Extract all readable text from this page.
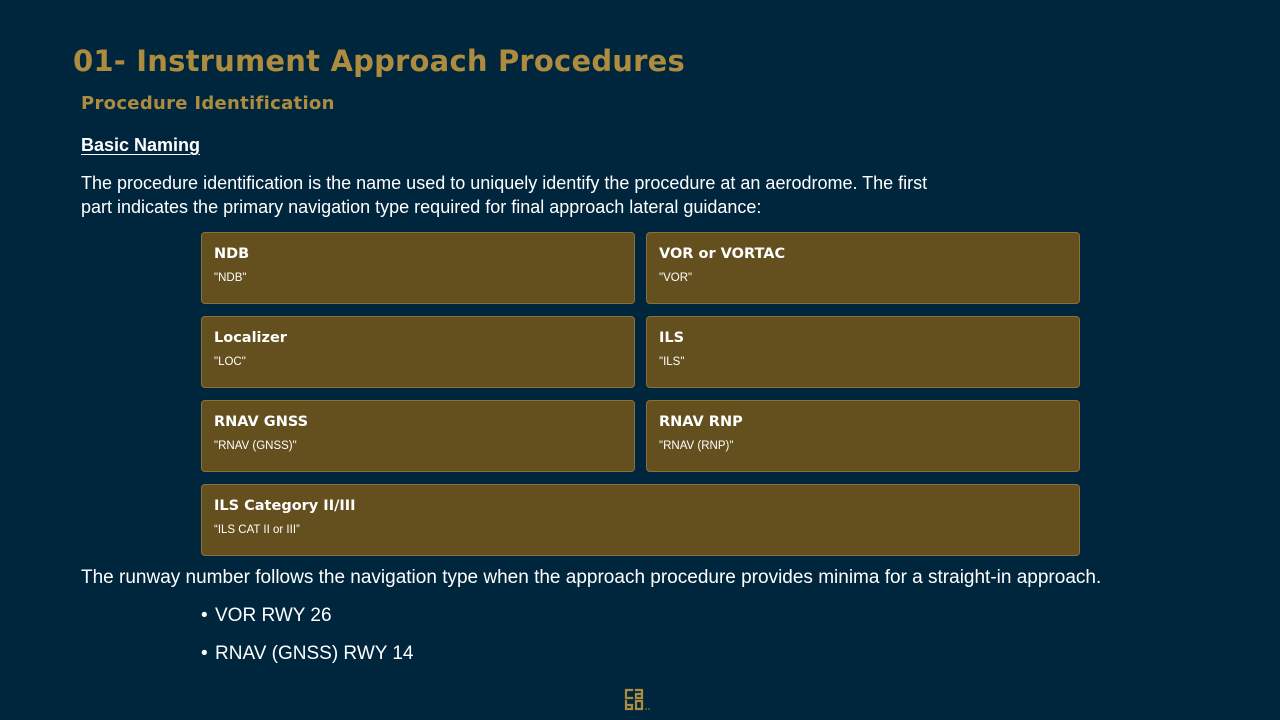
01- Instrument Approach Procedures
Procedure Identification
Basic Naming
The procedure identification is the name used to uniquely identify the procedure at an aerodrome. The first part indicates the primary navigation type required for final approach lateral guidance:
NDB
"NDB"
VOR or VORTAC
"VOR"
Localizer
"LOC"
ILS
"ILS"
RNAV GNSS
"RNAV (GNSS)"
RNAV RNP
"RNAV (RNP)"
ILS Category II/III
“ILS CAT II or III”
The runway number follows the navigation type when the approach procedure provides minima for a straight-in approach.
• VOR RWY 26
• RNAV (GNSS) RWY 14
